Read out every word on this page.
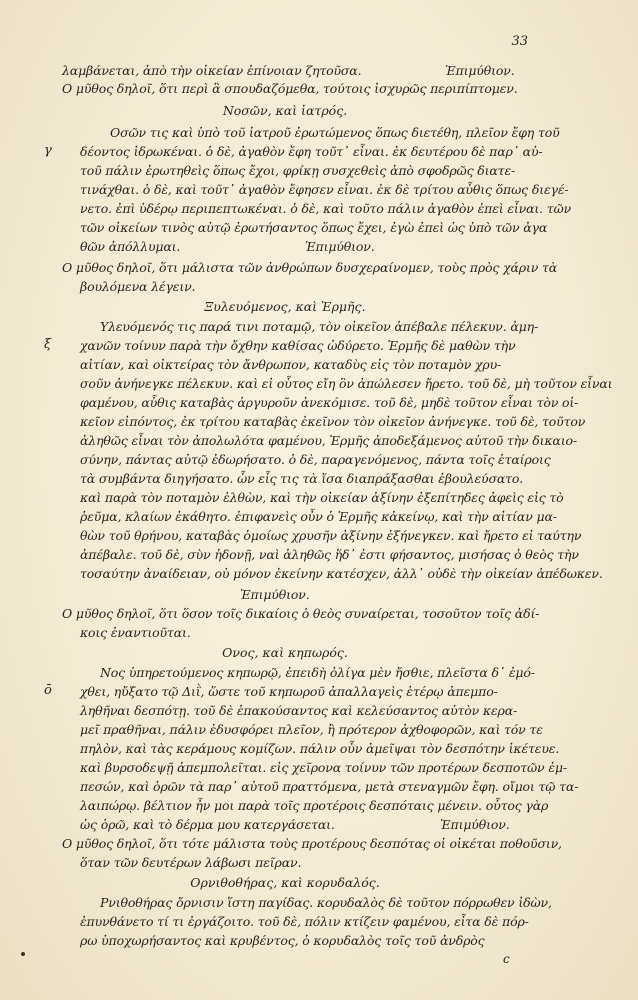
33
λαμβάνεται, ἀπὸ τὴν οἰκείαν ἐπίνοιαν ζητοῦσα.	Ἐπιμύθιον.
Ο μῦθος δηλοῖ, ὅτι περὶ ἃ σπουδαζόμεθα, τούτοις ἰσχυρῶς περιπίπτομεν.
Νοσῶν, καὶ ἰατρός.
Οσῶν τις καὶ ὑπὸ τοῦ ἰατροῦ ἐρωτώμενος ὅπως διετέθη, πλεῖον ἔφη τοῦ
δέοντος ἱδρωκέναι. ὁ δὲ, ἀγαθὸν ἔφη τοῦτ᾽ εἶναι. ἐκ δευτέρου δὲ παρ᾽ αὐ-
τοῦ πάλιν ἐρωτηθεὶς ὅπως ἔχοι, φρίκῃ συσχεθεὶς ἀπὸ σφοδρῶς διατε-
τινάχθαι. ὁ δὲ, καὶ τοῦτ᾽ ἀγαθὸν ἔφησεν εἶναι. ἐκ δὲ τρίτου αὖθις ὅπως διεγέ-
νετο. ἐπὶ ὑδέρῳ περιπεπτωκέναι. ὁ δὲ, καὶ τοῦτο πάλιν ἀγαθὸν ἐπεὶ εἶναι. τῶν
τῶν οἰκείων τινὸς αὐτῷ ἐρωτήσαντος ὅπως ἔχει, ἐγὼ ἐπεὶ ὡς ὑπὸ τῶν ἀγα
θῶν ἀπόλλυμαι.	Ἐπιμύθιον.
Ο μῦθος δηλοῖ, ὅτι μάλιστα τῶν ἀνθρώπων δυσχεραίνομεν, τοὺς πρὸς χάριν τὰ
βουλόμενα λέγειν.
Ξυλευόμενος, καὶ Ἑρμῆς.
Υλευόμενός τις παρά τινι ποταμῷ, τὸν οἰκεῖον ἀπέβαλε πέλεκυν. ἀμη-
χανῶν τοίνυν παρὰ τὴν ὄχθην καθίσας ὠδύρετο. Ἑρμῆς δὲ μαθὼν τὴν
αἰτίαν, καὶ οἰκτείρας τὸν ἄνθρωπον, καταδὺς εἰς τὸν ποταμὸν χρυ-
σοῦν ἀνήνεγκε πέλεκυν. καὶ εἰ οὗτος εἴη ὃν ἀπώλεσεν ἤρετο. τοῦ δὲ, μὴ τοῦτον εἶναι
φαμένου, αὖθις καταβὰς ἀργυροῦν ἀνεκόμισε. τοῦ δὲ, μηδὲ τοῦτον εἶναι τὸν οἰ-
κεῖον εἰπόντος, ἐκ τρίτου καταβὰς ἐκεῖνον τὸν οἰκεῖον ἀνήνεγκε. τοῦ δὲ, τοῦτον
ἀληθῶς εἶναι τὸν ἀπολωλότα φαμένου, Ἑρμῆς ἀποδεξάμενος αὐτοῦ τὴν δικαιο-
σύνην, πάντας αὐτῷ ἐδωρήσατο. ὁ δὲ, παραγενόμενος, πάντα τοῖς ἑταίροις
τὰ συμβάντα διηγήσατο. ὧν εἷς τις τὰ ἴσα διαπράξασθαι ἐβουλεύσατο.
καὶ παρὰ τὸν ποταμὸν ἐλθὼν, καὶ τὴν οἰκείαν ἀξίνην ἐξεπίτηδες ἀφεὶς εἰς τὸ
ῥεῦμα, κλαίων ἐκάθητο. ἐπιφανεὶς οὖν ὁ Ἑρμῆς κἀκείνῳ, καὶ τὴν αἰτίαν μα-
θὼν τοῦ θρήνου, καταβὰς ὁμοίως χρυσῆν ἀξίνην ἐξήνεγκεν. καὶ ἤρετο εἰ ταύτην
ἀπέβαλε. τοῦ δὲ, σὺν ἡδονῇ, ναὶ ἀληθῶς ἥδ᾽ ἐστι φήσαντος, μισήσας ὁ θεὸς τὴν
τοσαύτην ἀναίδειαν, οὐ μόνον ἐκείνην κατέσχεν, ἀλλ᾽ οὐδὲ τὴν οἰκείαν ἀπέδωκεν.
Ἐπιμύθιον.
Ο μῦθος δηλοῖ, ὅτι ὅσον τοῖς δικαίοις ὁ θεὸς συναίρεται, τοσοῦτον τοῖς ἀδί-
κοις ἐναντιοῦται.
Ονος, καὶ κηπωρός.
Νος ὑπηρετούμενος κηπωρῷ, ἐπειδὴ ὀλίγα μὲν ἤσθιε, πλεῖστα δ᾽ ἐμό-
χθει, ηὔξατο τῷ Διῒ, ὥστε τοῦ κηπωροῦ ἀπαλλαγεὶς ἑτέρῳ ἀπεμπο-
ληθῆναι δεσπότῃ. τοῦ δὲ ἐπακούσαντος καὶ κελεύσαντος αὐτὸν κερα-
μεῖ πραθῆναι, πάλιν ἐδυσφόρει πλεῖον, ἢ πρότερον ἀχθοφορῶν, καὶ τόν τε
πηλὸν, καὶ τὰς κεράμους κομίζων. πάλιν οὖν ἀμεῖψαι τὸν δεσπότην ἱκέτευε.
καὶ βυρσοδεψῇ ἀπεμπολεῖται. εἰς χεῖρονα τοίνυν τῶν προτέρων δεσποτῶν ἐμ-
πεσών, καὶ ὁρῶν τὰ παρ᾽ αὐτοῦ πραττόμενα, μετὰ στεναγμῶν ἔφη. οἴμοι τῷ τα-
λαιπώρῳ. βέλτιον ἦν μοι παρὰ τοῖς προτέροις δεσπόταις μένειν. οὗτος γὰρ
ὡς ὁρῶ, καὶ τὸ δέρμα μου κατεργάσεται.	Ἐπιμύθιον.
Ο μῦθος δηλοῖ, ὅτι τότε μάλιστα τοὺς προτέρους δεσπότας οἱ οἰκέται ποθοῦσιν,
ὅταν τῶν δευτέρων λάβωσι πεῖραν.
Ορνιθοθήρας, καὶ κορυδαλός.
Ρνιθοθήρας ὄρνισιν ἵστη παγίδας. κορυδαλὸς δὲ τοῦτον πόρρωθεν ἰδὼν,
ἐπυνθάνετο τί τι ἐργάζοιτο. τοῦ δὲ, πόλιν κτίζειν φαμένου, εἶτα δὲ πόρ-
ρω ὑποχωρήσαντος καὶ κρυβέντος, ὁ κορυδαλὸς τοῖς τοῦ ἀνδρὸς
γ
ξ
ō
c
